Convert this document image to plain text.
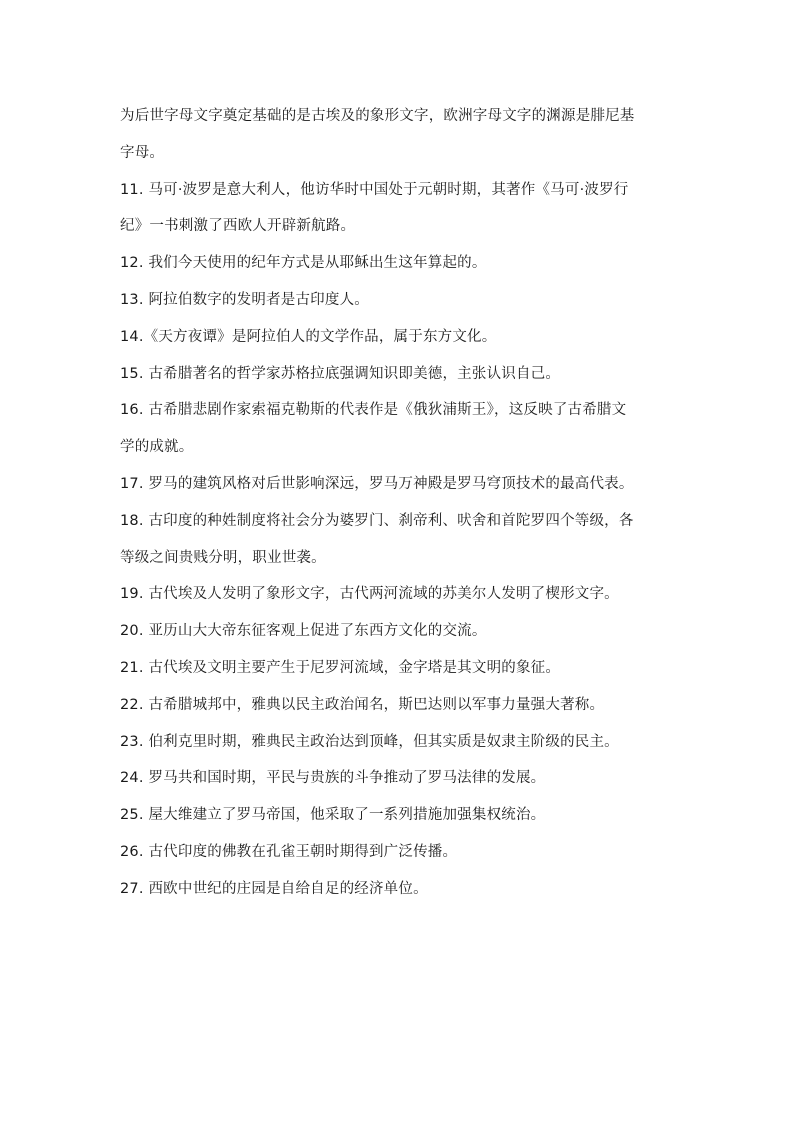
为后世字母文字奠定基础的是古埃及的象形文字，欧洲字母文字的渊源是腓尼基
字母。
11. 马可·波罗是意大利人，他访华时中国处于元朝时期，其著作《马可·波罗行
纪》一书刺激了西欧人开辟新航路。
12. 我们今天使用的纪年方式是从耶稣出生这年算起的。
13. 阿拉伯数字的发明者是古印度人。
14.《天方夜谭》是阿拉伯人的文学作品，属于东方文化。
15. 古希腊著名的哲学家苏格拉底强调知识即美德，主张认识自己。
16. 古希腊悲剧作家索福克勒斯的代表作是《俄狄浦斯王》，这反映了古希腊文
学的成就。
17. 罗马的建筑风格对后世影响深远，罗马万神殿是罗马穹顶技术的最高代表。
18. 古印度的种姓制度将社会分为婆罗门、刹帝利、吠舍和首陀罗四个等级，各
等级之间贵贱分明，职业世袭。
19. 古代埃及人发明了象形文字，古代两河流域的苏美尔人发明了楔形文字。
20. 亚历山大大帝东征客观上促进了东西方文化的交流。
21. 古代埃及文明主要产生于尼罗河流域，金字塔是其文明的象征。
22. 古希腊城邦中，雅典以民主政治闻名，斯巴达则以军事力量强大著称。
23. 伯利克里时期，雅典民主政治达到顶峰，但其实质是奴隶主阶级的民主。
24. 罗马共和国时期，平民与贵族的斗争推动了罗马法律的发展。
25. 屋大维建立了罗马帝国，他采取了一系列措施加强集权统治。
26. 古代印度的佛教在孔雀王朝时期得到广泛传播。
27. 西欧中世纪的庄园是自给自足的经济单位。
